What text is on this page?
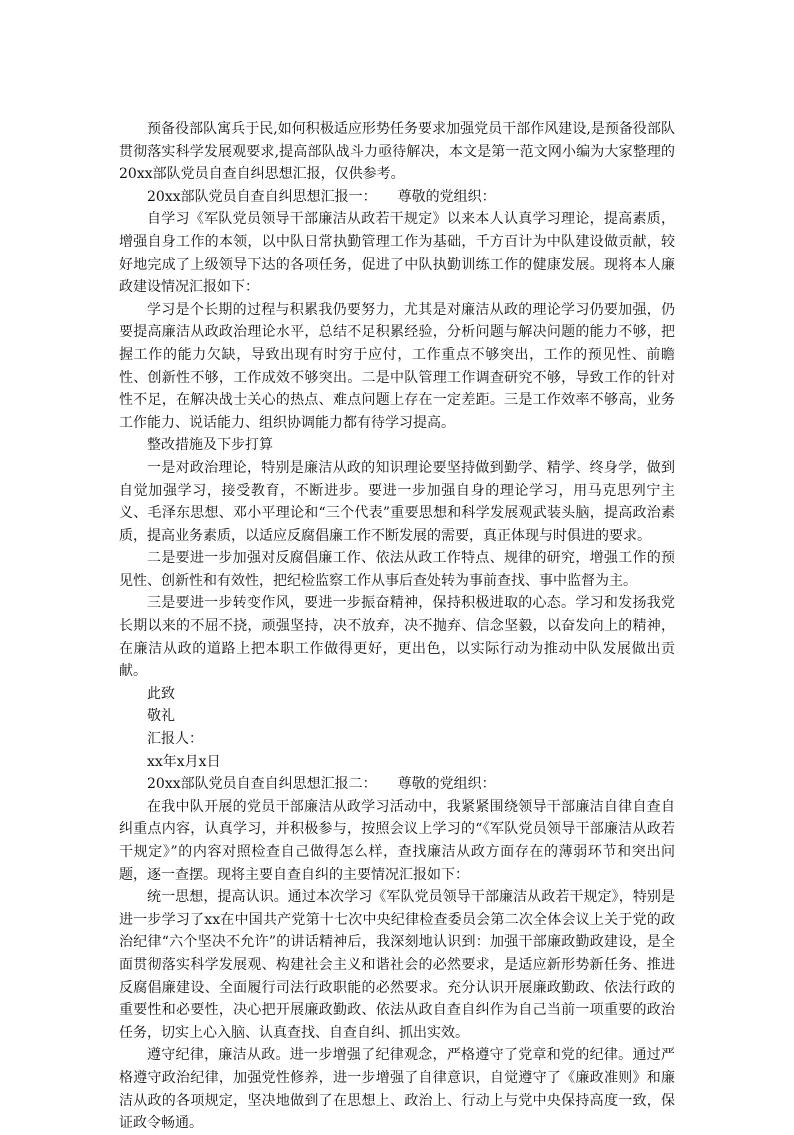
预备役部队寓兵于民,如何积极适应形势任务要求加强党员干部作风建设,是预备役部队贯彻落实科学发展观要求,提高部队战斗力亟待解决，本文是第一范文网小编为大家整理的20xx部队党员自查自纠思想汇报，仅供参考。

20xx部队党员自查自纠思想汇报一：　　尊敬的党组织：

自学习《军队党员领导干部廉洁从政若干规定》以来本人认真学习理论，提高素质，增强自身工作的本领，以中队日常执勤管理工作为基础，千方百计为中队建设做贡献，较好地完成了上级领导下达的各项任务，促进了中队执勤训练工作的健康发展。现将本人廉政建设情况汇报如下：

学习是个长期的过程与积累我仍要努力，尤其是对廉洁从政的理论学习仍要加强，仍要提高廉洁从政政治理论水平，总结不足积累经验，分析问题与解决问题的能力不够，把握工作的能力欠缺，导致出现有时穷于应付，工作重点不够突出，工作的预见性、前瞻性、创新性不够，工作成效不够突出。二是中队管理工作调查研究不够，导致工作的针对性不足，在解决战士关心的热点、难点问题上存在一定差距。三是工作效率不够高，业务工作能力、说话能力、组织协调能力都有待学习提高。

整改措施及下步打算

一是对政治理论，特别是廉洁从政的知识理论要坚持做到勤学、精学、终身学，做到自觉加强学习，接受教育，不断进步。要进一步加强自身的理论学习，用马克思列宁主义、毛泽东思想、邓小平理论和“三个代表”重要思想和科学发展观武装头脑，提高政治素质，提高业务素质，以适应反腐倡廉工作不断发展的需要，真正体现与时俱进的要求。

二是要进一步加强对反腐倡廉工作、依法从政工作特点、规律的研究，增强工作的预见性、创新性和有效性，把纪检监察工作从事后查处转为事前查找、事中监督为主。

三是要进一步转变作风，要进一步振奋精神，保持积极进取的心态。学习和发扬我党长期以来的不屈不挠，顽强坚持，决不放弃，决不抛弃、信念坚毅，以奋发向上的精神，在廉洁从政的道路上把本职工作做得更好，更出色，以实际行动为推动中队发展做出贡献。

此致

敬礼

汇报人：

xx年x月x日

20xx部队党员自查自纠思想汇报二：　　尊敬的党组织：

在我中队开展的党员干部廉洁从政学习活动中，我紧紧围绕领导干部廉洁自律自查自纠重点内容，认真学习，并积极参与，按照会议上学习的“《军队党员领导干部廉洁从政若干规定》”的内容对照检查自己做得怎么样，查找廉洁从政方面存在的薄弱环节和突出问题，逐一查摆。现将主要自查自纠的主要情况汇报如下：

统一思想，提高认识。通过本次学习《军队党员领导干部廉洁从政若干规定》，特别是进一步学习了xx在中国共产党第十七次中央纪律检查委员会第二次全体会议上关于党的政治纪律“六个坚决不允许”的讲话精神后，我深刻地认识到：加强干部廉政勤政建设，是全面贯彻落实科学发展观、构建社会主义和谐社会的必然要求，是适应新形势新任务、推进反腐倡廉建设、全面履行司法行政职能的必然要求。充分认识开展廉政勤政、依法行政的重要性和必要性，决心把开展廉政勤政、依法从政自查自纠作为自己当前一项重要的政治任务，切实上心入脑、认真查找、自查自纠、抓出实效。

遵守纪律，廉洁从政。进一步增强了纪律观念，严格遵守了党章和党的纪律。通过严格遵守政治纪律，加强党性修养，进一步增强了自律意识，自觉遵守了《廉政准则》和廉洁从政的各项规定，坚决地做到了在思想上、政治上、行动上与党中央保持高度一致，保证政令畅通。
